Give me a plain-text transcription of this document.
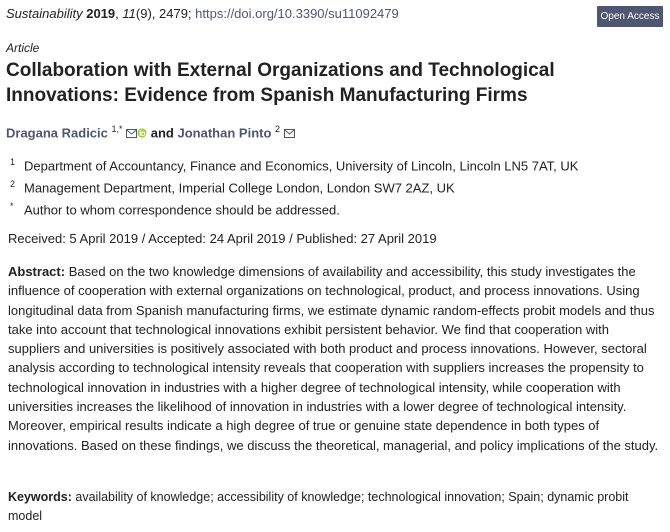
Sustainability 2019, 11(9), 2479; https://doi.org/10.3390/su11092479	Open Access
Article
Collaboration with External Organizations and Technological Innovations: Evidence from Spanish Manufacturing Firms
Dragana Radicic $^{1,*}$ and Jonathan Pinto $^2$
1 Department of Accountancy, Finance and Economics, University of Lincoln, Lincoln LN5 7AT, UK
2 Management Department, Imperial College London, London SW7 2AZ, UK
* Author to whom correspondence should be addressed.
Received: 5 April 2019 / Accepted: 24 April 2019 / Published: 27 April 2019

Abstract: Based on the two knowledge dimensions of availability and accessibility, this study investigates the influence of cooperation with external organizations on technological, product, and process innovations. Using longitudinal data from Spanish manufacturing firms, we estimate dynamic random-effects probit models and thus take into account that technological innovations exhibit persistent behavior. We find that cooperation with suppliers and universities is positively associated with both product and process innovations. However, sectoral analysis according to technological intensity reveals that cooperation with suppliers increases the propensity to technological innovation in industries with a higher degree of technological intensity, while cooperation with universities increases the likelihood of innovation in industries with a lower degree of technological intensity. Moreover, empirical results indicate a high degree of true or genuine state dependence in both types of innovations. Based on these findings, we discuss the theoretical, managerial, and policy implications of the study.

Keywords: availability of knowledge; accessibility of knowledge; technological innovation; Spain; dynamic probit model
